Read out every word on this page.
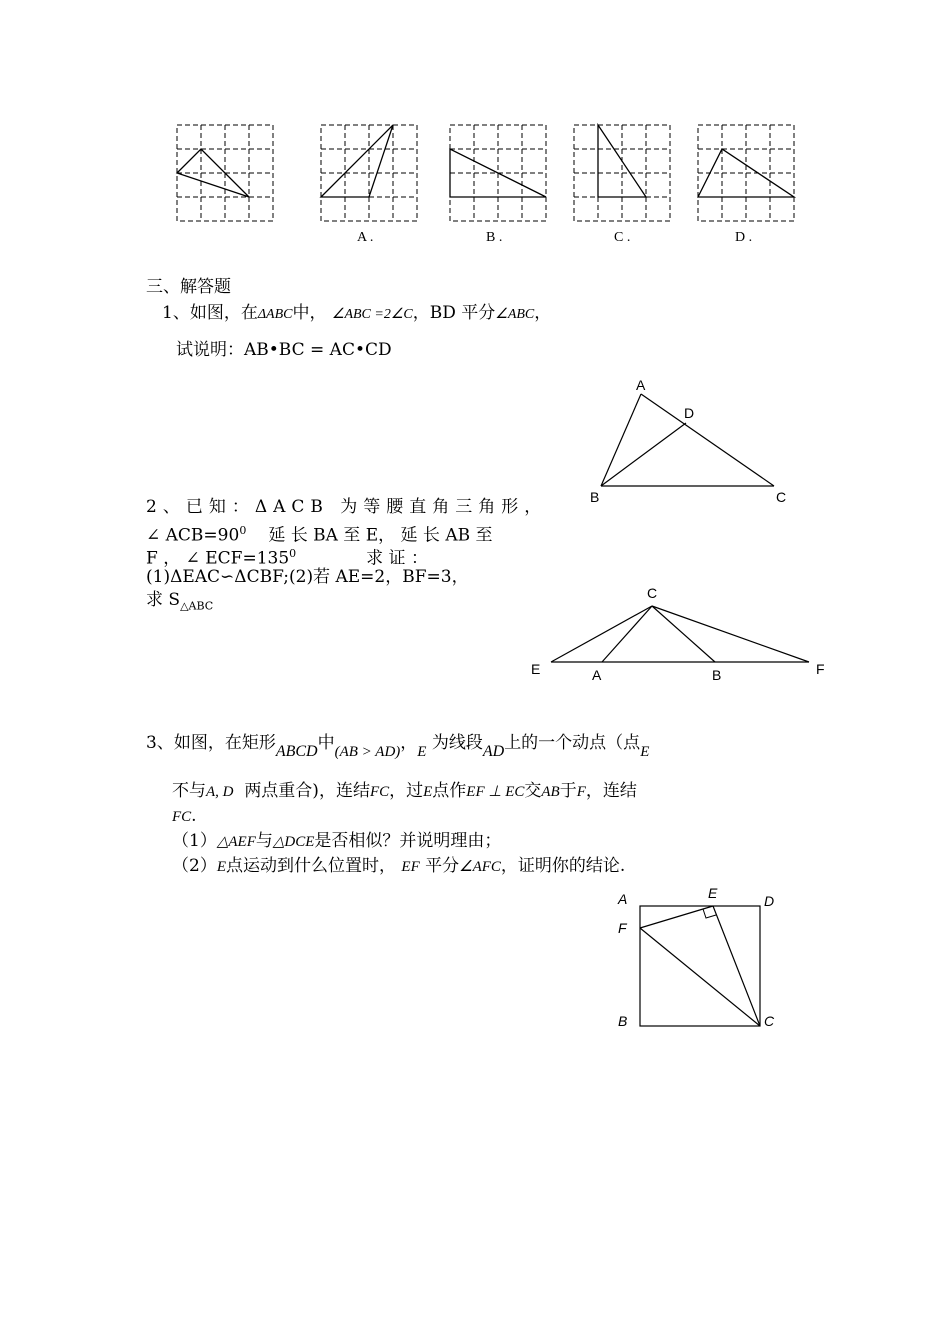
A .	B .	C .	D .
三、解答题
1、如图，在ΔABC中， ∠ABC =2∠C，BD 平分∠ABC，
试说明：AB•BC = AC•CD
A
D
B	C
2、已知：ΔACB 为等腰直角三角形，
∠ $ACB=90^0$ 延 长 BA 至 E， 延 长 AB 至
F ， ∠ $ECF=135^0$	求 证 ：
(1)ΔEAC∽ΔCBF;(2)若 AE=2，BF=3，
求 $S_{\triangle ABC}$
C
E	A	B	F
3、如图，在矩形ABCD中(AB > AD)，E 为线段AD上的一个动点（点E
不与A, D 两点重合)，连结FC，过E点作EF ⊥ EC交AB于F，连结
FC.
（1）△AEF与△DCE是否相似？并说明理由；
（2）E点运动到什么位置时， EF 平分∠AFC，证明你的结论.
A	E	D
F
B	C
